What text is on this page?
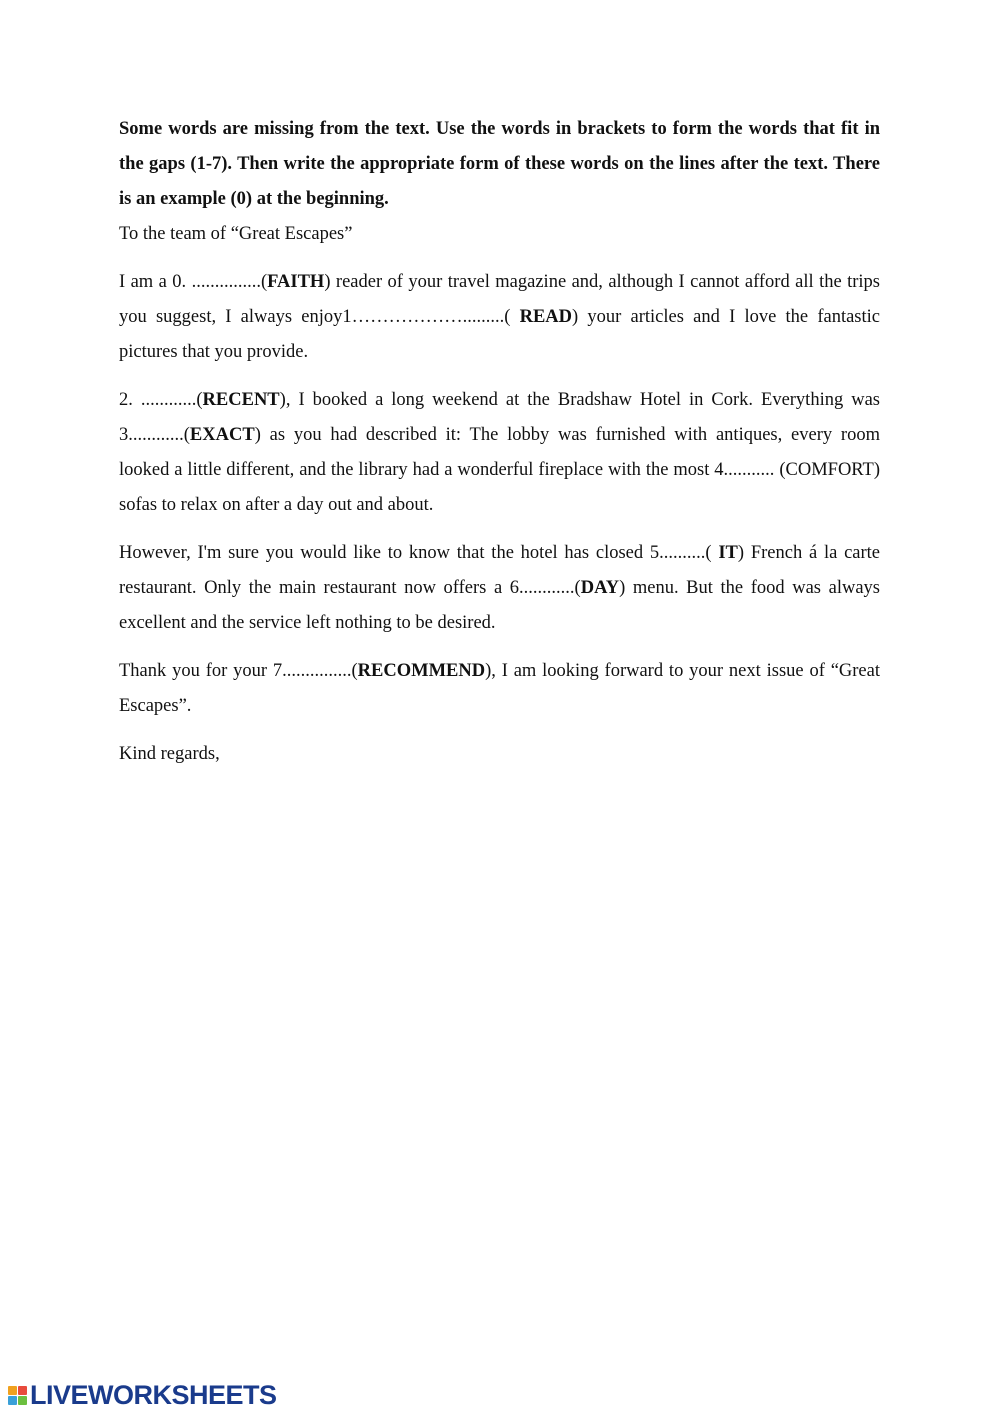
Some words are missing from the text. Use the words in brackets to form the words that fit in the gaps (1-7). Then write the appropriate form of these words on the lines after the text. There is an example (0) at the beginning.

To the team of “Great Escapes”

I am a 0. ...............(FAITH) reader of your travel magazine and, although I cannot afford all the trips you suggest, I always enjoy1……………….........( READ) your articles and I love the fantastic pictures that you provide.

2. ............(RECENT), I booked a long weekend at the Bradshaw Hotel in Cork. Everything was 3............(EXACT) as you had described it: The lobby was furnished with antiques, every room looked a little different, and the library had a wonderful fireplace with the most 4........... (COMFORT) sofas to relax on after a day out and about.

However, I'm sure you would like to know that the hotel has closed 5..........( IT) French á la carte restaurant. Only the main restaurant now offers a 6............(DAY) menu. But the food was always excellent and the service left nothing to be desired.

Thank you for your 7...............(RECOMMEND), I am looking forward to your next issue of “Great Escapes”.

Kind regards,

LIVEWORKSHEETS
